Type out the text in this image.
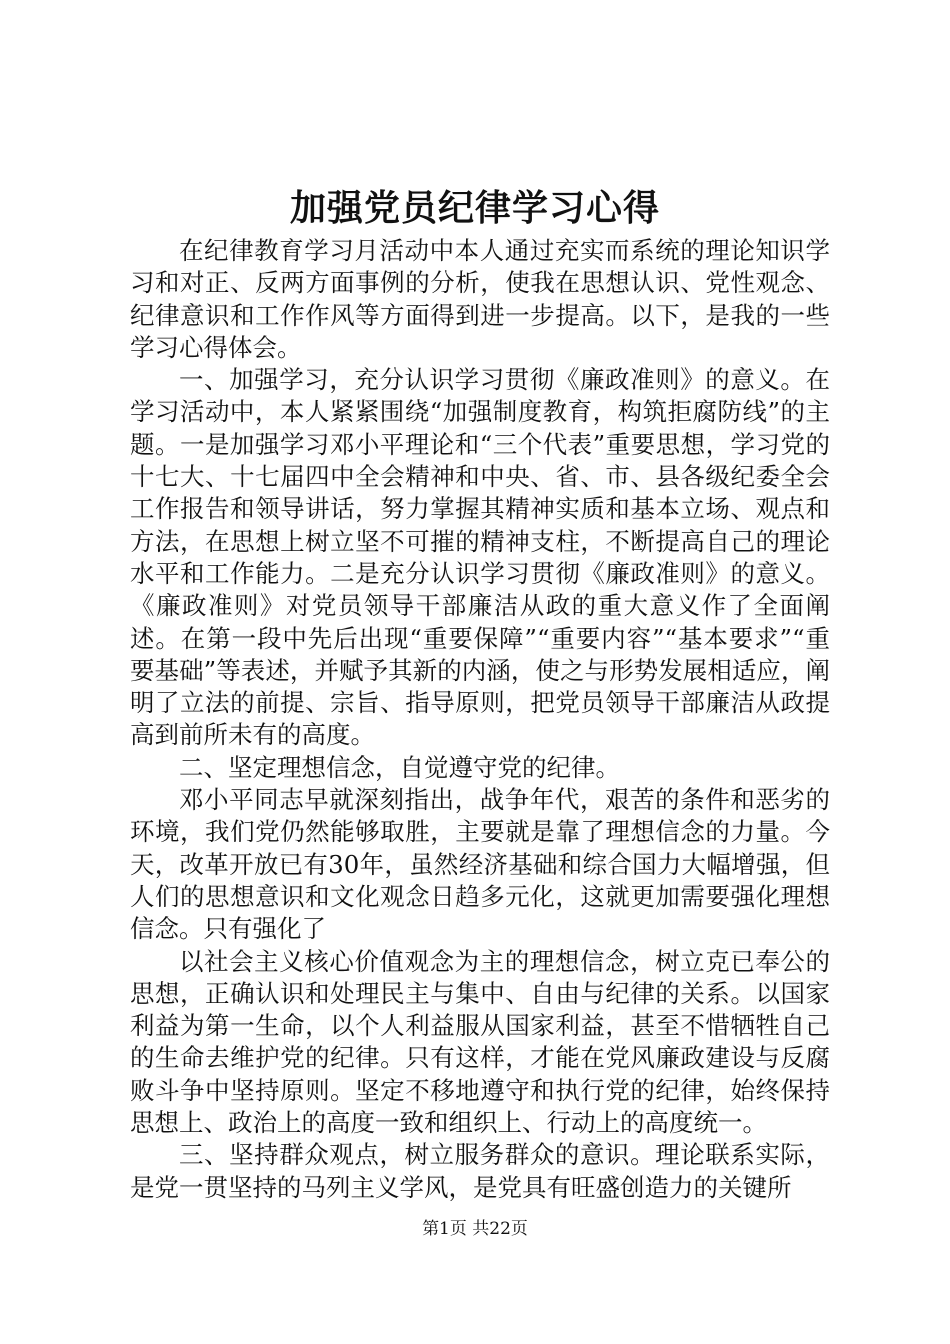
加强党员纪律学习心得

在纪律教育学习月活动中本人通过充实而系统的理论知识学习和对正、反两方面事例的分析，使我在思想认识、党性观念、纪律意识和工作作风等方面得到进一步提高。以下，是我的一些学习心得体会。

一、加强学习，充分认识学习贯彻《廉政准则》的意义。在学习活动中，本人紧紧围绕“加强制度教育，构筑拒腐防线”的主题。一是加强学习邓小平理论和“三个代表”重要思想，学习党的十七大、十七届四中全会精神和中央、省、市、县各级纪委全会工作报告和领导讲话，努力掌握其精神实质和基本立场、观点和方法，在思想上树立坚不可摧的精神支柱，不断提高自己的理论水平和工作能力。二是充分认识学习贯彻《廉政准则》的意义。《廉政准则》对党员领导干部廉洁从政的重大意义作了全面阐述。在第一段中先后出现“重要保障”“重要内容”“基本要求”“重要基础”等表述，并赋予其新的内涵，使之与形势发展相适应，阐明了立法的前提、宗旨、指导原则，把党员领导干部廉洁从政提高到前所未有的高度。

二、坚定理想信念，自觉遵守党的纪律。

邓小平同志早就深刻指出，战争年代，艰苦的条件和恶劣的环境，我们党仍然能够取胜，主要就是靠了理想信念的力量。今天，改革开放已有30年，虽然经济基础和综合国力大幅增强，但人们的思想意识和文化观念日趋多元化，这就更加需要强化理想信念。只有强化了

以社会主义核心价值观念为主的理想信念，树立克已奉公的思想，正确认识和处理民主与集中、自由与纪律的关系。以国家利益为第一生命，以个人利益服从国家利益，甚至不惜牺牲自己的生命去维护党的纪律。只有这样，才能在党风廉政建设与反腐败斗争中坚持原则。坚定不移地遵守和执行党的纪律，始终保持思想上、政治上的高度一致和组织上、行动上的高度统一。

三、坚持群众观点，树立服务群众的意识。理论联系实际，是党一贯坚持的马列主义学风，是党具有旺盛创造力的关键所

第1页 共22页
